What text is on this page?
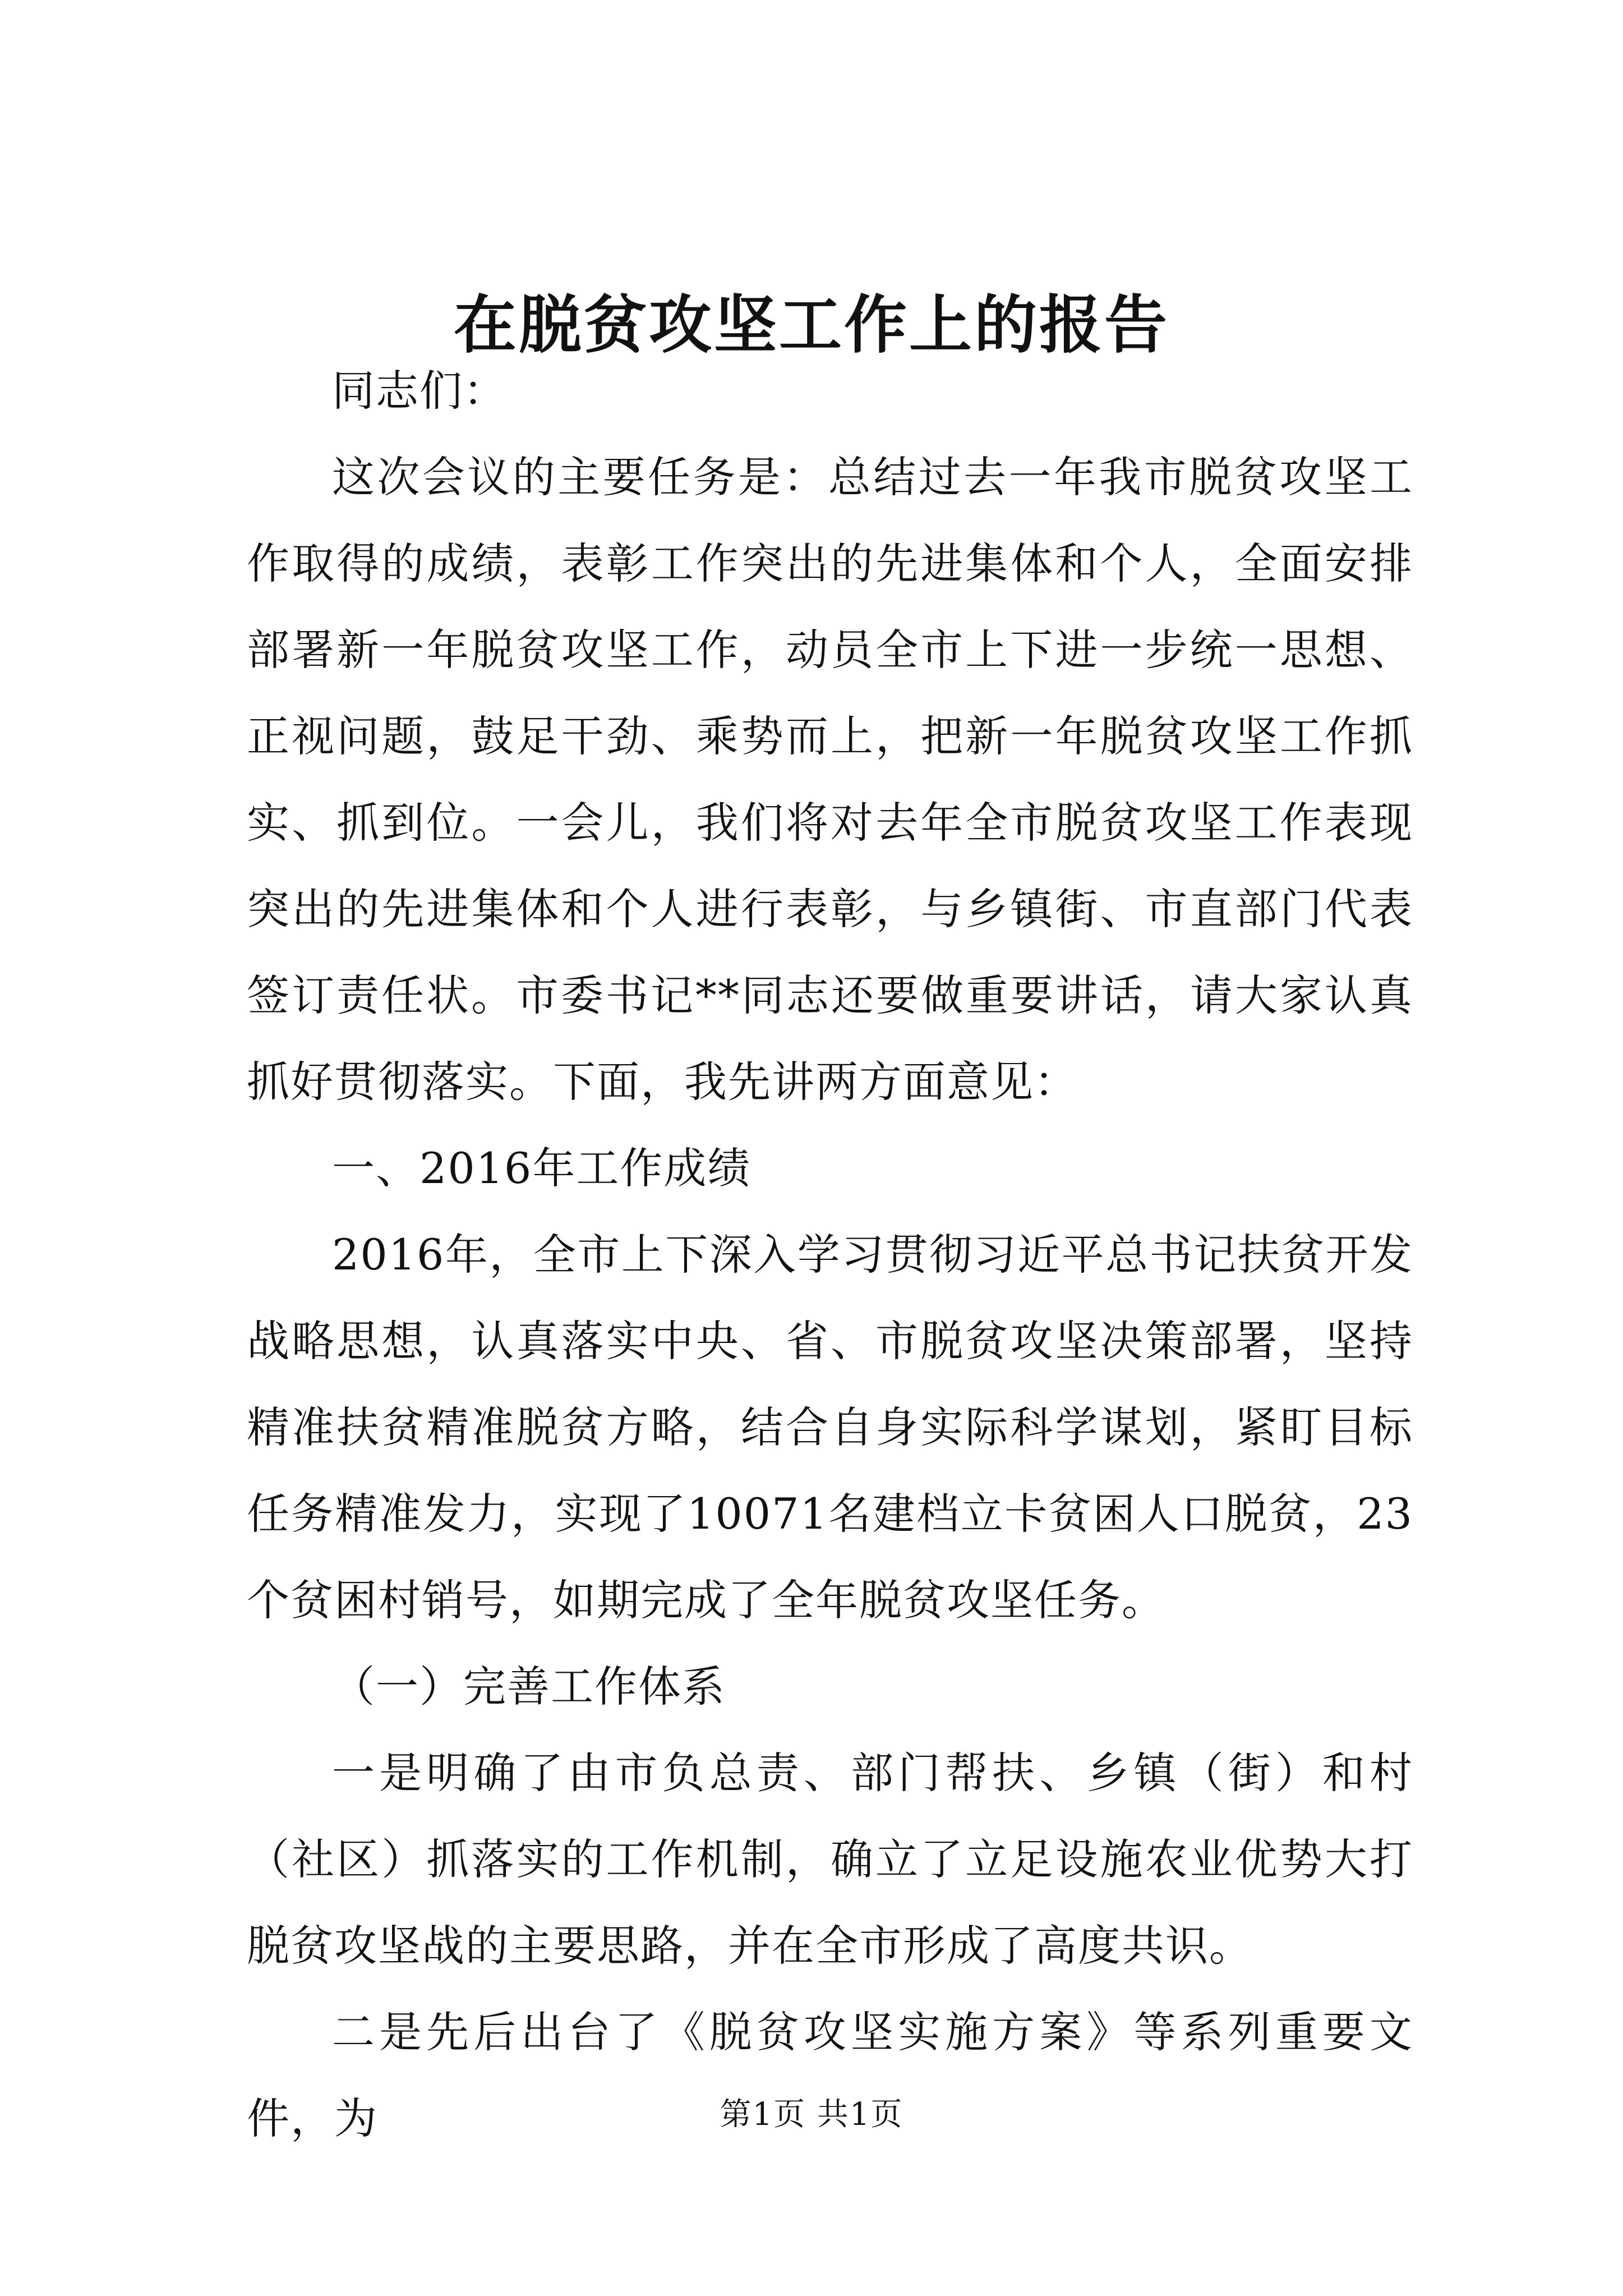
在脱贫攻坚工作上的报告

同志们：

这次会议的主要任务是：总结过去一年我市脱贫攻坚工作取得的成绩，表彰工作突出的先进集体和个人，全面安排部署新一年脱贫攻坚工作，动员全市上下进一步统一思想、正视问题，鼓足干劲、乘势而上，把新一年脱贫攻坚工作抓实、抓到位。一会儿，我们将对去年全市脱贫攻坚工作表现突出的先进集体和个人进行表彰，与乡镇街、市直部门代表签订责任状。市委书记**同志还要做重要讲话，请大家认真抓好贯彻落实。下面，我先讲两方面意见：

一、2016年工作成绩

2016年，全市上下深入学习贯彻习近平总书记扶贫开发战略思想，认真落实中央、省、市脱贫攻坚决策部署，坚持精准扶贫精准脱贫方略，结合自身实际科学谋划，紧盯目标任务精准发力，实现了10071名建档立卡贫困人口脱贫，23个贫困村销号，如期完成了全年脱贫攻坚任务。

（一）完善工作体系

一是明确了由市负总责、部门帮扶、乡镇（街）和村（社区）抓落实的工作机制，确立了立足设施农业优势大打脱贫攻坚战的主要思路，并在全市形成了高度共识。

二是先后出台了《脱贫攻坚实施方案》等系列重要文件，为	第1页 共1页
